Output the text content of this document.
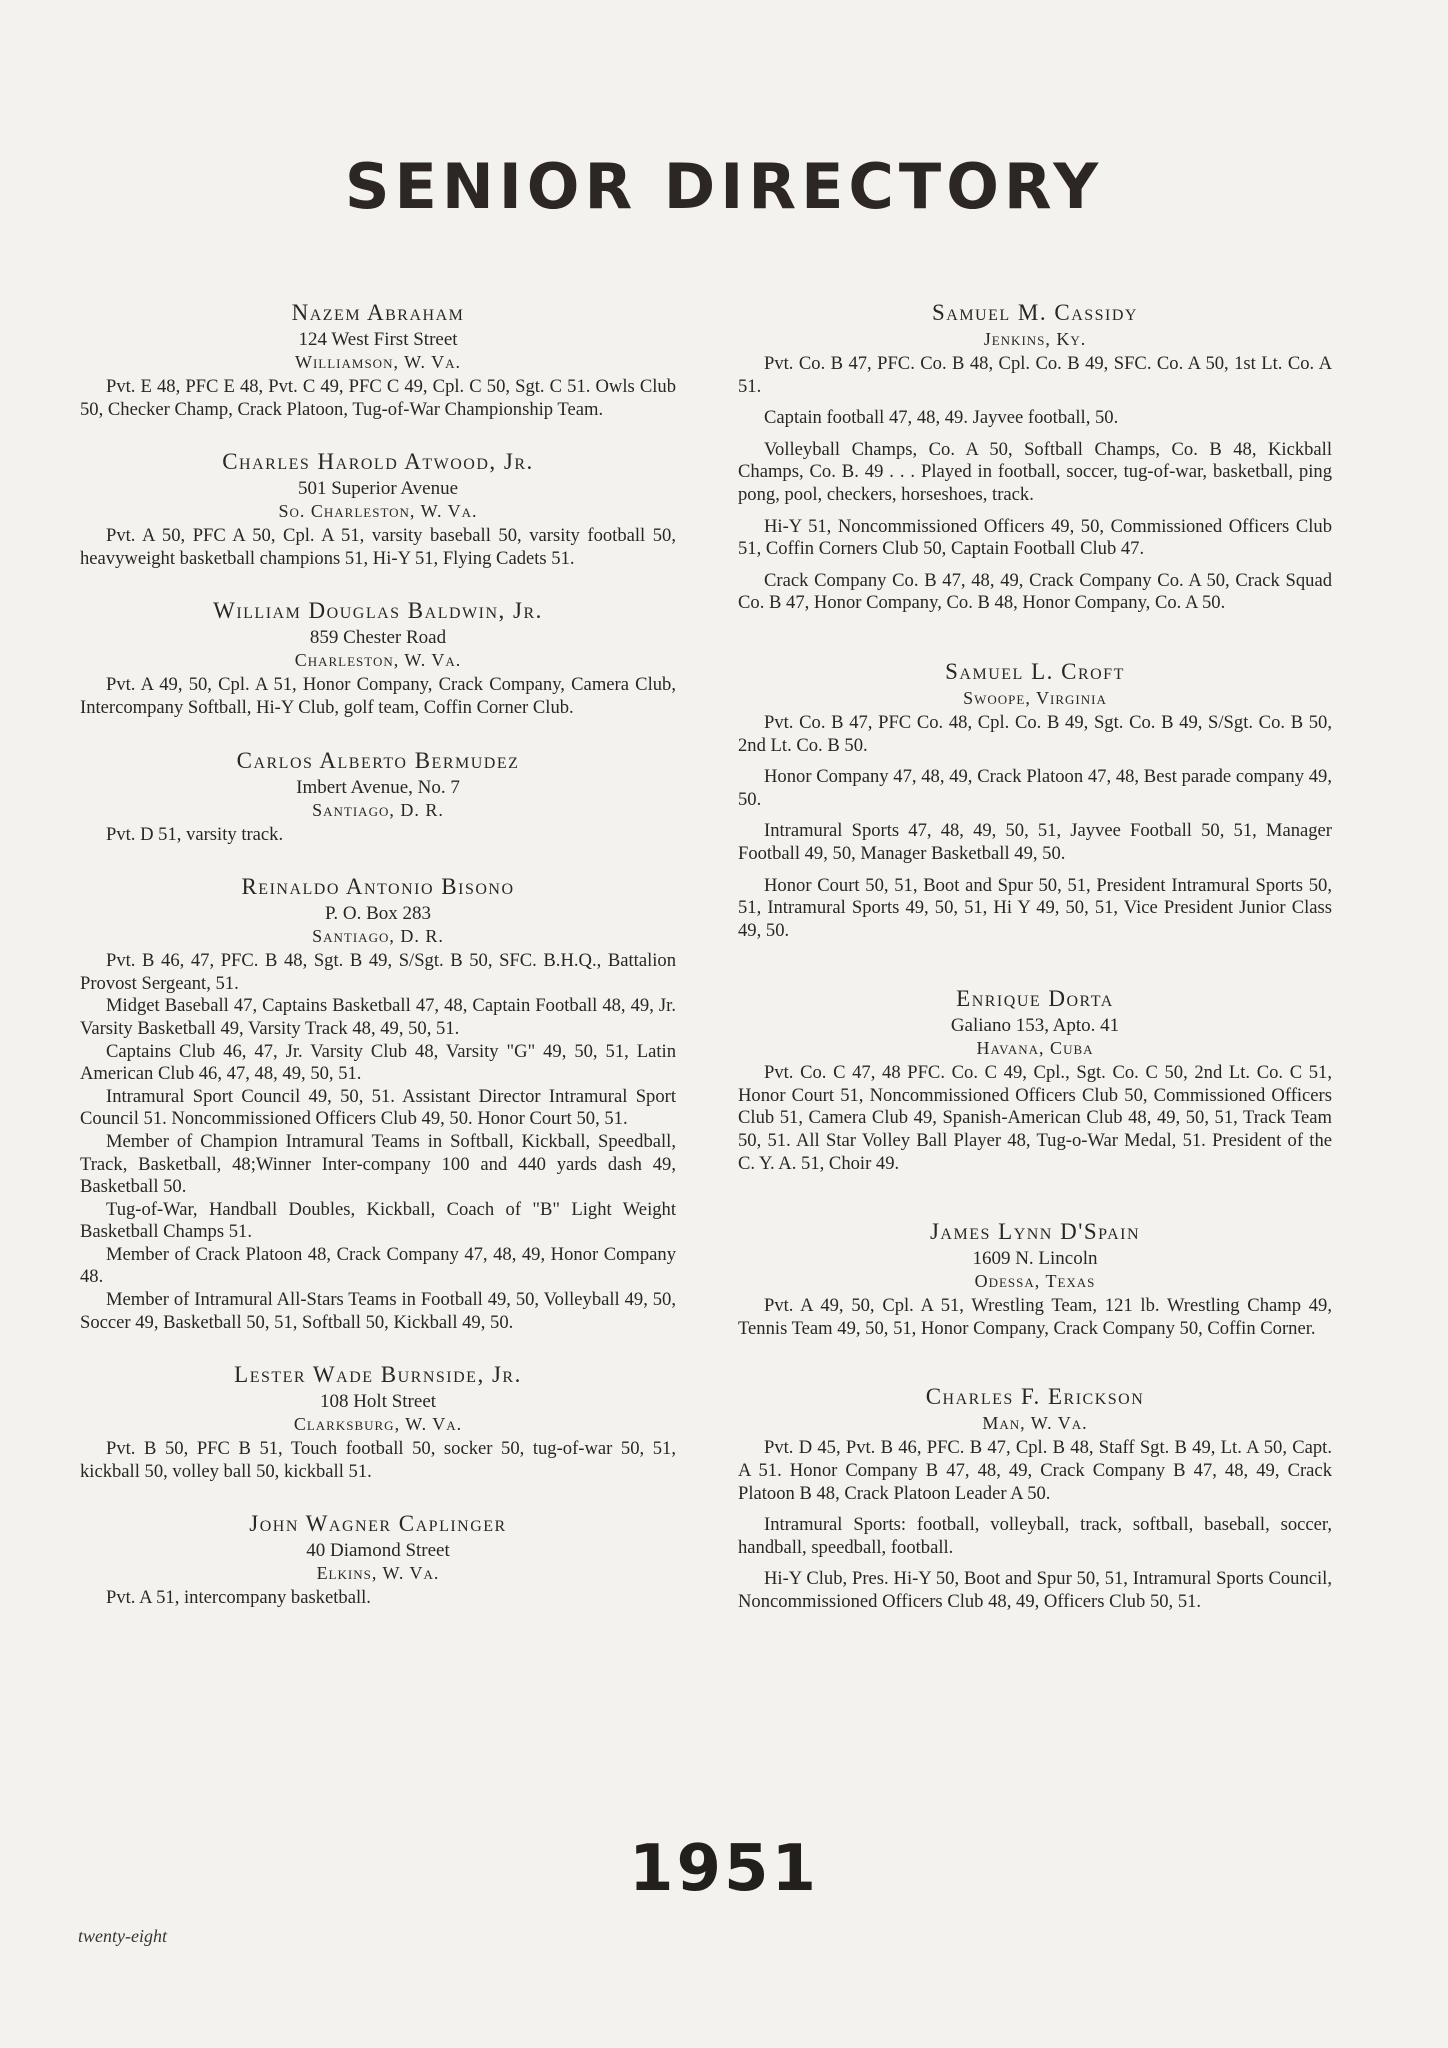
SENIOR DIRECTORY
Nazem Abraham
124 West First Street
Williamson, W. Va.
Pvt. E 48, PFC E 48, Pvt. C 49, PFC C 49, Cpl. C 50, Sgt. C 51. Owls Club 50, Checker Champ, Crack Platoon, Tug-of-War Championship Team.
Charles Harold Atwood, Jr.
501 Superior Avenue
So. Charleston, W. Va.
Pvt. A 50, PFC A 50, Cpl. A 51, varsity baseball 50, varsity football 50, heavyweight basketball champions 51, Hi-Y 51, Flying Cadets 51.
William Douglas Baldwin, Jr.
859 Chester Road
Charleston, W. Va.
Pvt. A 49, 50, Cpl. A 51, Honor Company, Crack Company, Camera Club, Intercompany Softball, Hi-Y Club, golf team, Coffin Corner Club.
Carlos Alberto Bermudez
Imbert Avenue, No. 7
Santiago, D. R.
Pvt. D 51, varsity track.
Reinaldo Antonio Bisono
P. O. Box 283
Santiago, D. R.
Pvt. B 46, 47, PFC. B 48, Sgt. B 49, S/Sgt. B 50, SFC. B.H.Q., Battalion Provost Sergeant, 51.
Midget Baseball 47, Captains Basketball 47, 48, Captain Football 48, 49, Jr. Varsity Basketball 49, Varsity Track 48, 49, 50, 51.
Captains Club 46, 47, Jr. Varsity Club 48, Varsity "G" 49, 50, 51, Latin American Club 46, 47, 48, 49, 50, 51.
Intramural Sport Council 49, 50, 51. Assistant Director Intramural Sport Council 51. Noncommissioned Officers Club 49, 50. Honor Court 50, 51.
Member of Champion Intramural Teams in Softball, Kickball, Speedball, Track, Basketball, 48;Winner Inter-company 100 and 440 yards dash 49, Basketball 50.
Tug-of-War, Handball Doubles, Kickball, Coach of "B" Light Weight Basketball Champs 51.
Member of Crack Platoon 48, Crack Company 47, 48, 49, Honor Company 48.
Member of Intramural All-Stars Teams in Football 49, 50, Volleyball 49, 50, Soccer 49, Basketball 50, 51, Softball 50, Kickball 49, 50.
Lester Wade Burnside, Jr.
108 Holt Street
Clarksburg, W. Va.
Pvt. B 50, PFC B 51, Touch football 50, socker 50, tug-of-war 50, 51, kickball 50, volley ball 50, kickball 51.
John Wagner Caplinger
40 Diamond Street
Elkins, W. Va.
Pvt. A 51, intercompany basketball.
Samuel M. Cassidy
Jenkins, Ky.
Pvt. Co. B 47, PFC. Co. B 48, Cpl. Co. B 49, SFC. Co. A 50, 1st Lt. Co. A 51.
Captain football 47, 48, 49. Jayvee football, 50.
Volleyball Champs, Co. A 50, Softball Champs, Co. B 48, Kickball Champs, Co. B. 49 . . . Played in football, soccer, tug-of-war, basketball, ping pong, pool, checkers, horseshoes, track.
Hi-Y 51, Noncommissioned Officers 49, 50, Commissioned Officers Club 51, Coffin Corners Club 50, Captain Football Club 47.
Crack Company Co. B 47, 48, 49, Crack Company Co. A 50, Crack Squad Co. B 47, Honor Company, Co. B 48, Honor Company, Co. A 50.
Samuel L. Croft
Swoope, Virginia
Pvt. Co. B 47, PFC Co. 48, Cpl. Co. B 49, Sgt. Co. B 49, S/Sgt. Co. B 50, 2nd Lt. Co. B 50.
Honor Company 47, 48, 49, Crack Platoon 47, 48, Best parade company 49, 50.
Intramural Sports 47, 48, 49, 50, 51, Jayvee Football 50, 51, Manager Football 49, 50, Manager Basketball 49, 50.
Honor Court 50, 51, Boot and Spur 50, 51, President Intramural Sports 50, 51, Intramural Sports 49, 50, 51, Hi Y 49, 50, 51, Vice President Junior Class 49, 50.
Enrique Dorta
Galiano 153, Apto. 41
Havana, Cuba
Pvt. Co. C 47, 48 PFC. Co. C 49, Cpl., Sgt. Co. C 50, 2nd Lt. Co. C 51, Honor Court 51, Noncommissioned Officers Club 50, Commissioned Officers Club 51, Camera Club 49, Spanish-American Club 48, 49, 50, 51, Track Team 50, 51. All Star Volley Ball Player 48, Tug-o-War Medal, 51. President of the C. Y. A. 51, Choir 49.
James Lynn D'Spain
1609 N. Lincoln
Odessa, Texas
Pvt. A 49, 50, Cpl. A 51, Wrestling Team, 121 lb. Wrestling Champ 49, Tennis Team 49, 50, 51, Honor Company, Crack Company 50, Coffin Corner.
Charles F. Erickson
Man, W. Va.
Pvt. D 45, Pvt. B 46, PFC. B 47, Cpl. B 48, Staff Sgt. B 49, Lt. A 50, Capt. A 51. Honor Company B 47, 48, 49, Crack Company B 47, 48, 49, Crack Platoon B 48, Crack Platoon Leader A 50.
Intramural Sports: football, volleyball, track, softball, baseball, soccer, handball, speedball, football.
Hi-Y Club, Pres. Hi-Y 50, Boot and Spur 50, 51, Intramural Sports Council, Noncommissioned Officers Club 48, 49, Officers Club 50, 51.
1951
twenty-eight
